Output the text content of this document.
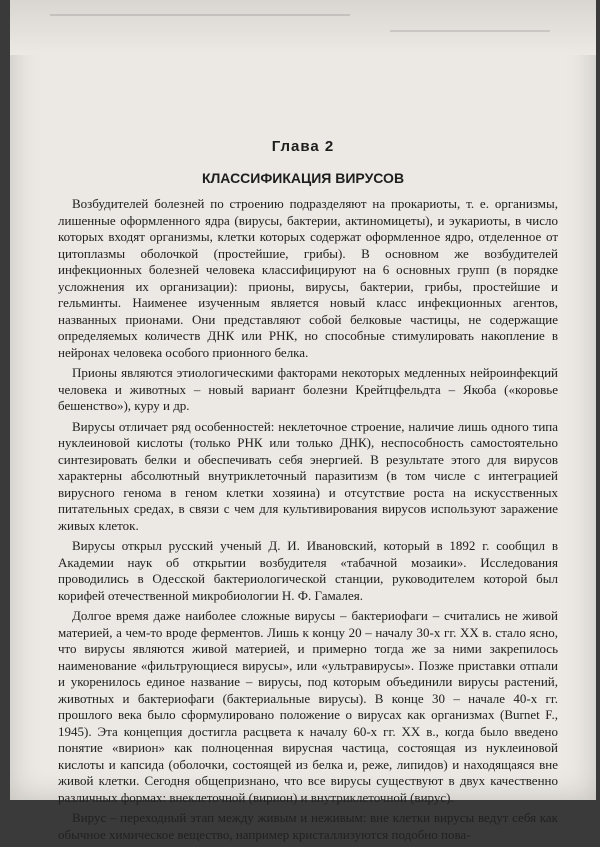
Глава 2
КЛАССИФИКАЦИЯ ВИРУСОВ

Возбудителей болезней по строению подразделяют на прокариоты, т. е. организмы, лишенные оформленного ядра (вирусы, бактерии, актиномицеты), и эукариоты, в число которых входят организмы, клетки которых содержат оформленное ядро, отделенное от цитоплазмы оболочкой (простейшие, грибы). В основном же возбудителей инфекционных болезней человека классифицируют на 6 основных групп (в порядке усложнения их организации): прионы, вирусы, бактерии, грибы, простейшие и гельминты. Наименее изученным является новый класс инфекционных агентов, названных прионами. Они представляют собой белковые частицы, не содержащие определяемых количеств ДНК или РНК, но способные стимулировать накопление в нейронах человека особого прионного белка.

Прионы являются этиологическими факторами некоторых медленных нейроинфекций человека и животных – новый вариант болезни Крейтцфельдта – Якоба («коровье бешенство»), куру и др.

Вирусы отличает ряд особенностей: неклеточное строение, наличие лишь одного типа нуклеиновой кислоты (только РНК или только ДНК), неспособность самостоятельно синтезировать белки и обеспечивать себя энергией. В результате этого для вирусов характерны абсолютный внутриклеточный паразитизм (в том числе с интеграцией вирусного генома в геном клетки хозяина) и отсутствие роста на искусственных питательных средах, в связи с чем для культивирования вирусов используют заражение живых клеток.

Вирусы открыл русский ученый Д. И. Ивановский, который в 1892 г. сообщил в Академии наук об открытии возбудителя «табачной мозаики». Исследования проводились в Одесской бактериологической станции, руководителем которой был корифей отечественной микробиологии Н. Ф. Гамалея.

Долгое время даже наиболее сложные вирусы – бактериофаги – считались не живой материей, а чем-то вроде ферментов. Лишь к концу 20 – началу 30-х гг. XX в. стало ясно, что вирусы являются живой материей, и примерно тогда же за ними закрепилось наименование «фильтрующиеся вирусы», или «ультравирусы». Позже приставки отпали и укоренилось единое название – вирусы, под которым объединили вирусы растений, животных и бактериофаги (бактериальные вирусы). В конце 30 – начале 40-х гг. прошлого века было сформулировано положение о вирусах как организмах (Burnet F., 1945). Эта концепция достигла расцвета к началу 60-х гг. XX в., когда было введено понятие «вирион» как полноценная вирусная частица, состоящая из нуклеиновой кислоты и капсида (оболочки, состоящей из белка и, реже, липидов) и находящаяся вне живой клетки. Сегодня общепризнано, что все вирусы существуют в двух качественно различных формах: внеклеточной (вирион) и внутриклеточной (вирус).

Вирус – переходный этап между живым и неживым: вне клетки вирусы ведут себя как обычное химическое вещество, например кристаллизуются подобно пова-
